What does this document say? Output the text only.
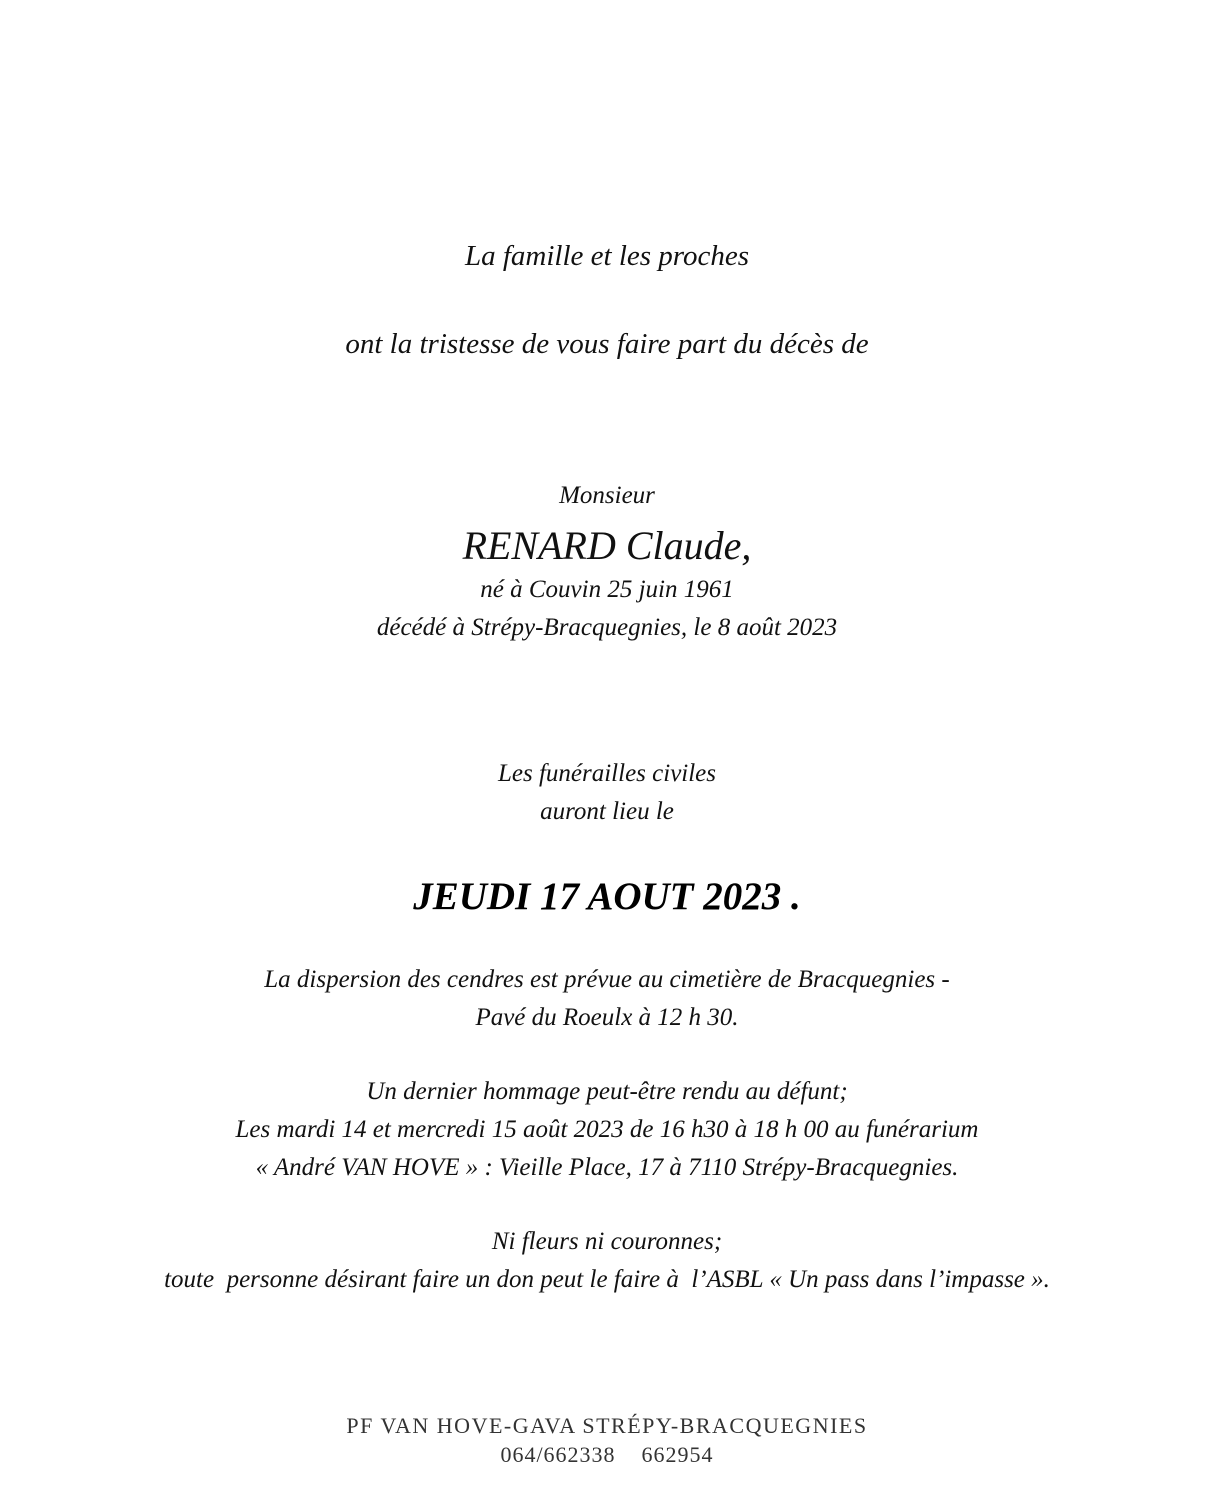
La famille et les proches
ont la tristesse de vous faire part du décès de
Monsieur
RENARD Claude,
né à Couvin 25 juin 1961
décédé à Strépy-Bracquegnies, le 8 août 2023
Les funérailles civiles
auront lieu le
JEUDI 17 AOUT 2023 .
La dispersion des cendres est prévue au cimetière de Bracquegnies -
Pavé du Roeulx à 12 h 30.
Un dernier hommage peut-être rendu au défunt;
Les mardi 14 et mercredi 15 août 2023 de 16 h30 à 18 h 00 au funérarium
« André VAN HOVE » : Vieille Place, 17 à 7110 Strépy-Bracquegnies.
Ni fleurs ni couronnes;
toute  personne désirant faire un don peut le faire à  l’ASBL « Un pass dans l’impasse ».
PF VAN HOVE-GAVA STRÉPY-BRACQUEGNIES
064/662338    662954
